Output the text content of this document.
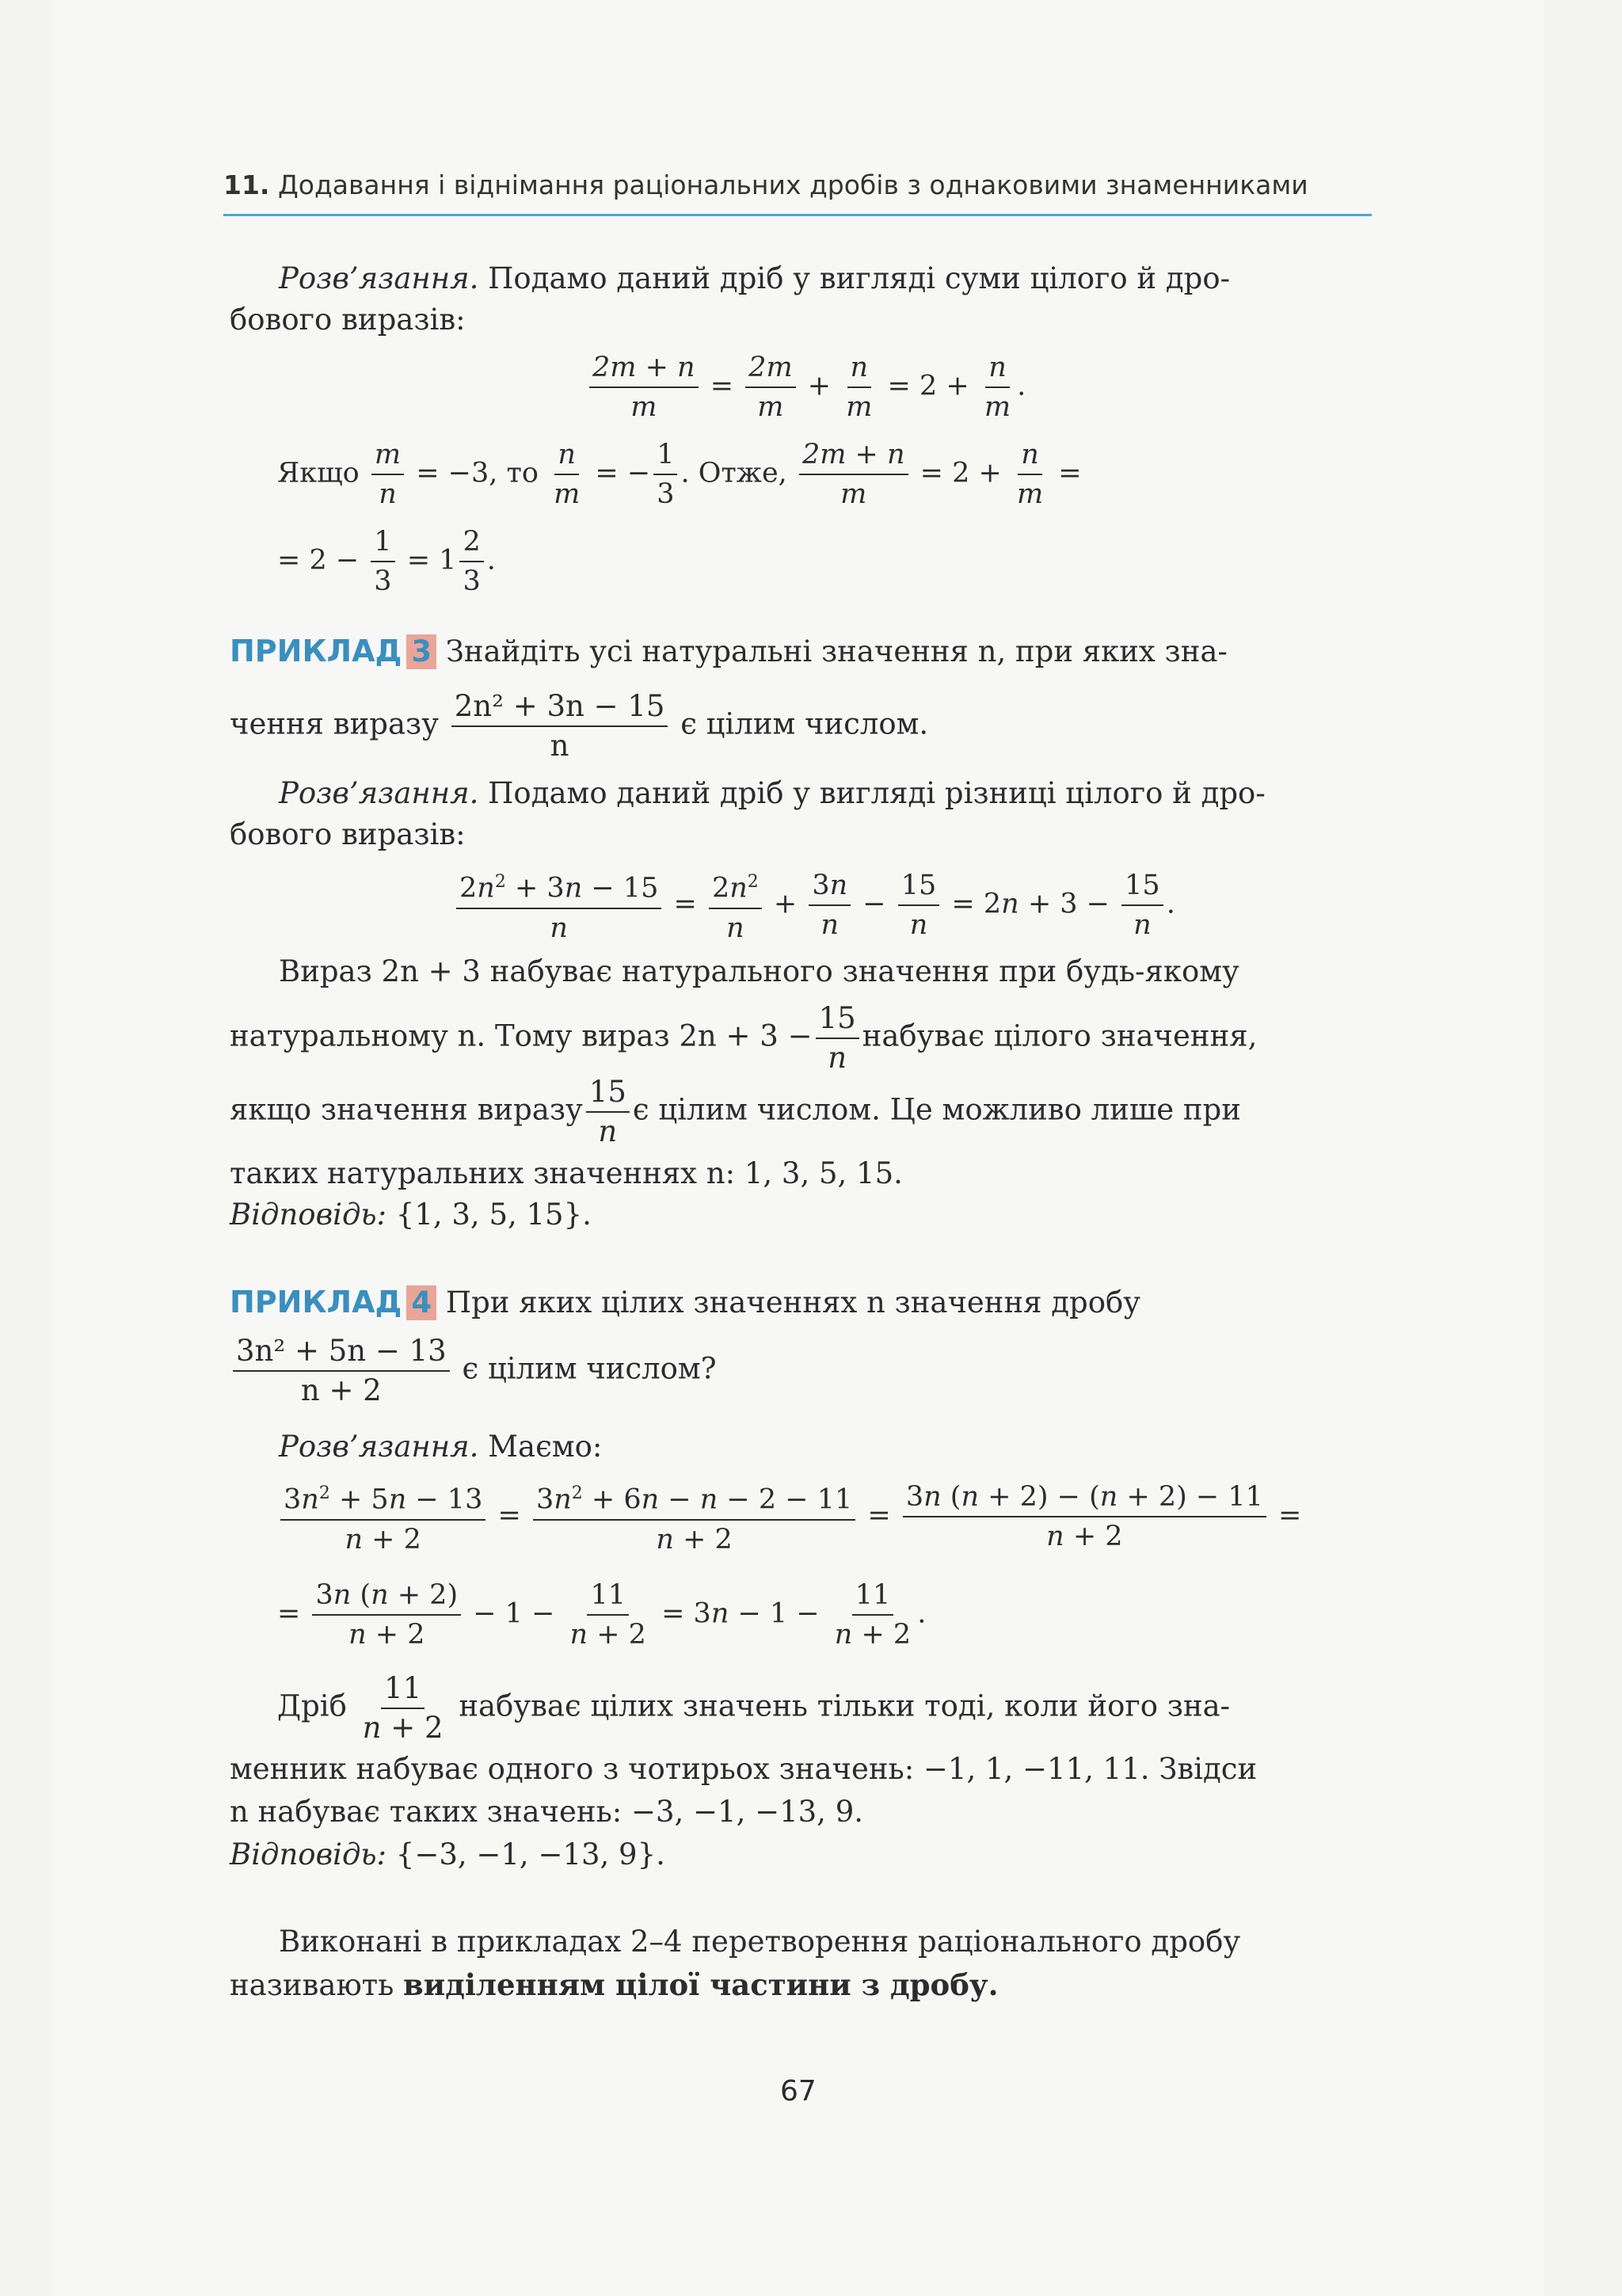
11. Додавання і віднімання раціональних дробів з однаковими знаменниками
Розв’язання. Подамо даний дріб у вигляді суми цілого й дро-
бового виразів:
$\frac{2m + n}{m} = \frac{2m}{m} + \frac{n}{m} = 2 + \frac{n}{m}$ .
Якщо $\frac{m}{n} = -3$, то $\frac{n}{m}$ = − $\frac{1}{3}$ . Отже, $\frac{2m + n}{m} = 2 + \frac{n}{m}$ =
= $2 - \frac{1}{3} = 1 \frac{2}{3}$ .
ПРИКЛАД 3 Знайдіть усі натуральні значення n, при яких зна-
чення виразу $\frac{\text{2n² + 3n − 15}}{n}$ є цілим числом.
Розв’язання. Подамо даний дріб у вигляді різниці цілого й дро-
бового виразів:
$\frac{2n^2 + 3n - 15}{n} = \frac{2n^2}{n} + \frac{3n}{n} - \frac{15}{n} = 2n + 3 - \frac{15}{n}$ .
Вираз 2n + 3 набуває натурального значення при будь-якому
натуральному n. Тому вираз $2n + 3 - \frac{15}{n}$ набуває цілого значення,
якщо значення виразу $\frac{15}{n}$ є цілим числом. Це можливо лише при
таких натуральних значеннях n: 1, 3, 5, 15.
Відповідь: {1, 3, 5, 15}.
ПРИКЛАД 4 При яких цілих значеннях n значення дробу
$\frac{\text{3n² + 5n − 13}}{n + 2}$ є цілим числом?
Розв’язання. Маємо:
$\frac{3n^2 + 5n - 13}{n + 2} = \frac{3n^2 + 6n - n - 2 - 11}{n + 2} = \frac{3n (n + 2) - (n + 2) - 11}{n + 2}$ =
= $\frac{3n (n + 2)}{n + 2} - 1 - \frac{11}{n + 2} = 3n - 1 - \frac{11}{n + 2}$ .
Дріб $\frac{11}{n + 2}$ набуває цілих значень тільки тоді, коли його зна-
менник набуває одного з чотирьох значень: −1, 1, −11, 11. Звідси
n набуває таких значень: −3, −1, −13, 9.
Відповідь: {−3, −1, −13, 9}.
Виконані в прикладах 2–4 перетворення раціонального дробу
називають виділенням цілої частини з дробу.
67
